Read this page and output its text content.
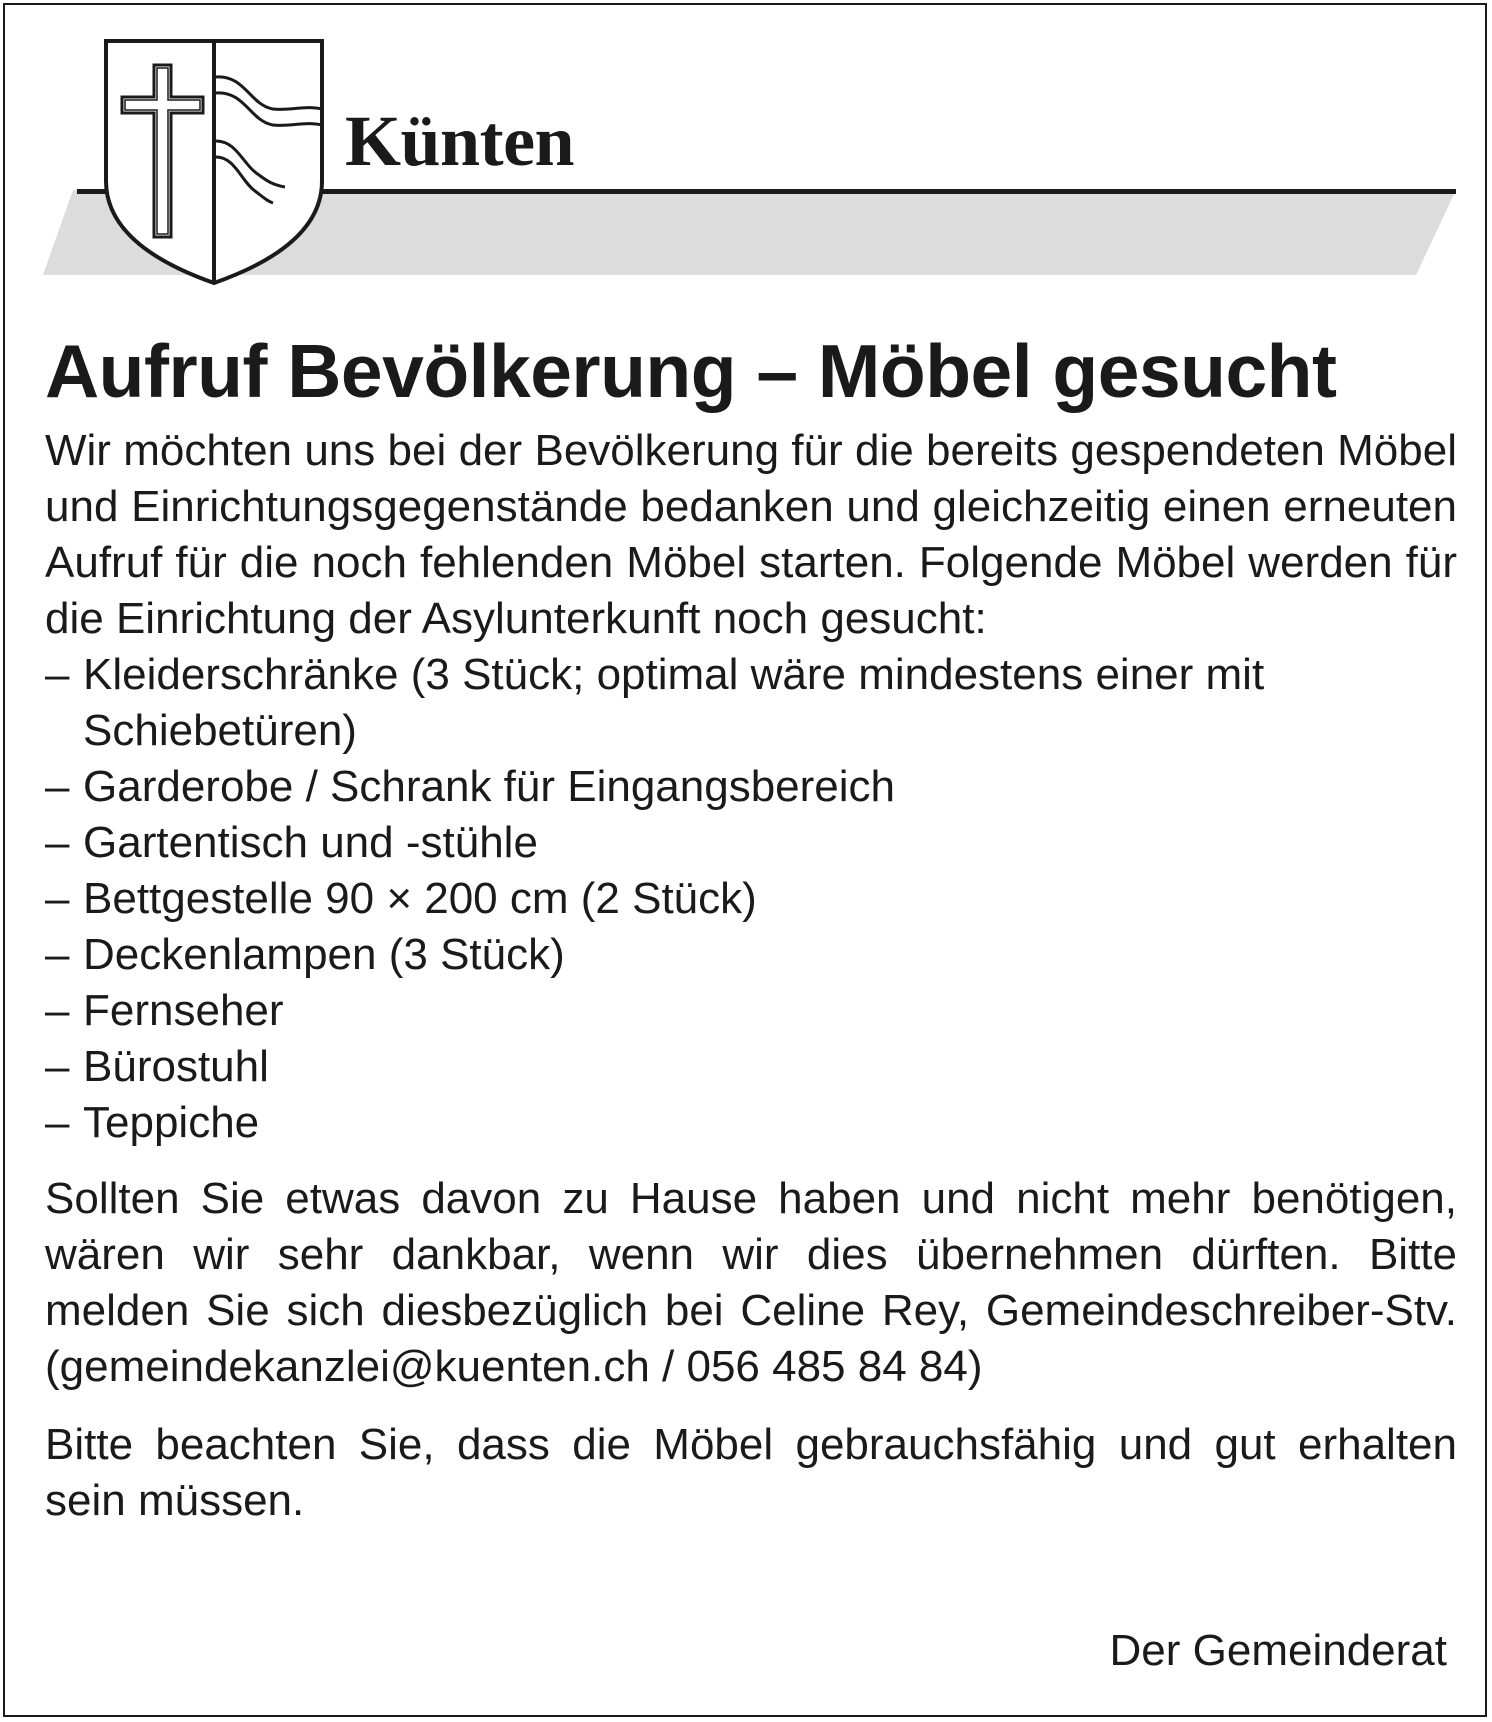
Künten
Aufruf Bevölkerung – Möbel gesucht

Wir möchten uns bei der Bevölkerung für die bereits gespendeten Möbel und Einrichtungsgegenstände bedanken und gleichzeitig einen erneuten Aufruf für die noch fehlenden Möbel starten. Folgende Möbel werden für die Einrichtung der Asylunterkunft noch gesucht:

– Kleiderschränke (3 Stück; optimal wäre mindestens einer mit Schiebetüren)
– Garderobe / Schrank für Eingangsbereich
– Gartentisch und -stühle
– Bettgestelle 90 × 200 cm (2 Stück)
– Deckenlampen (3 Stück)
– Fernseher
– Bürostuhl
– Teppiche

Sollten Sie etwas davon zu Hause haben und nicht mehr benötigen, wären wir sehr dankbar, wenn wir dies übernehmen dürften. Bitte melden Sie sich diesbezüglich bei Celine Rey, Gemeindeschreiber-Stv. (gemeindekanzlei@kuenten.ch / 056 485 84 84)

Bitte beachten Sie, dass die Möbel gebrauchsfähig und gut erhalten sein müssen.

Der Gemeinderat
